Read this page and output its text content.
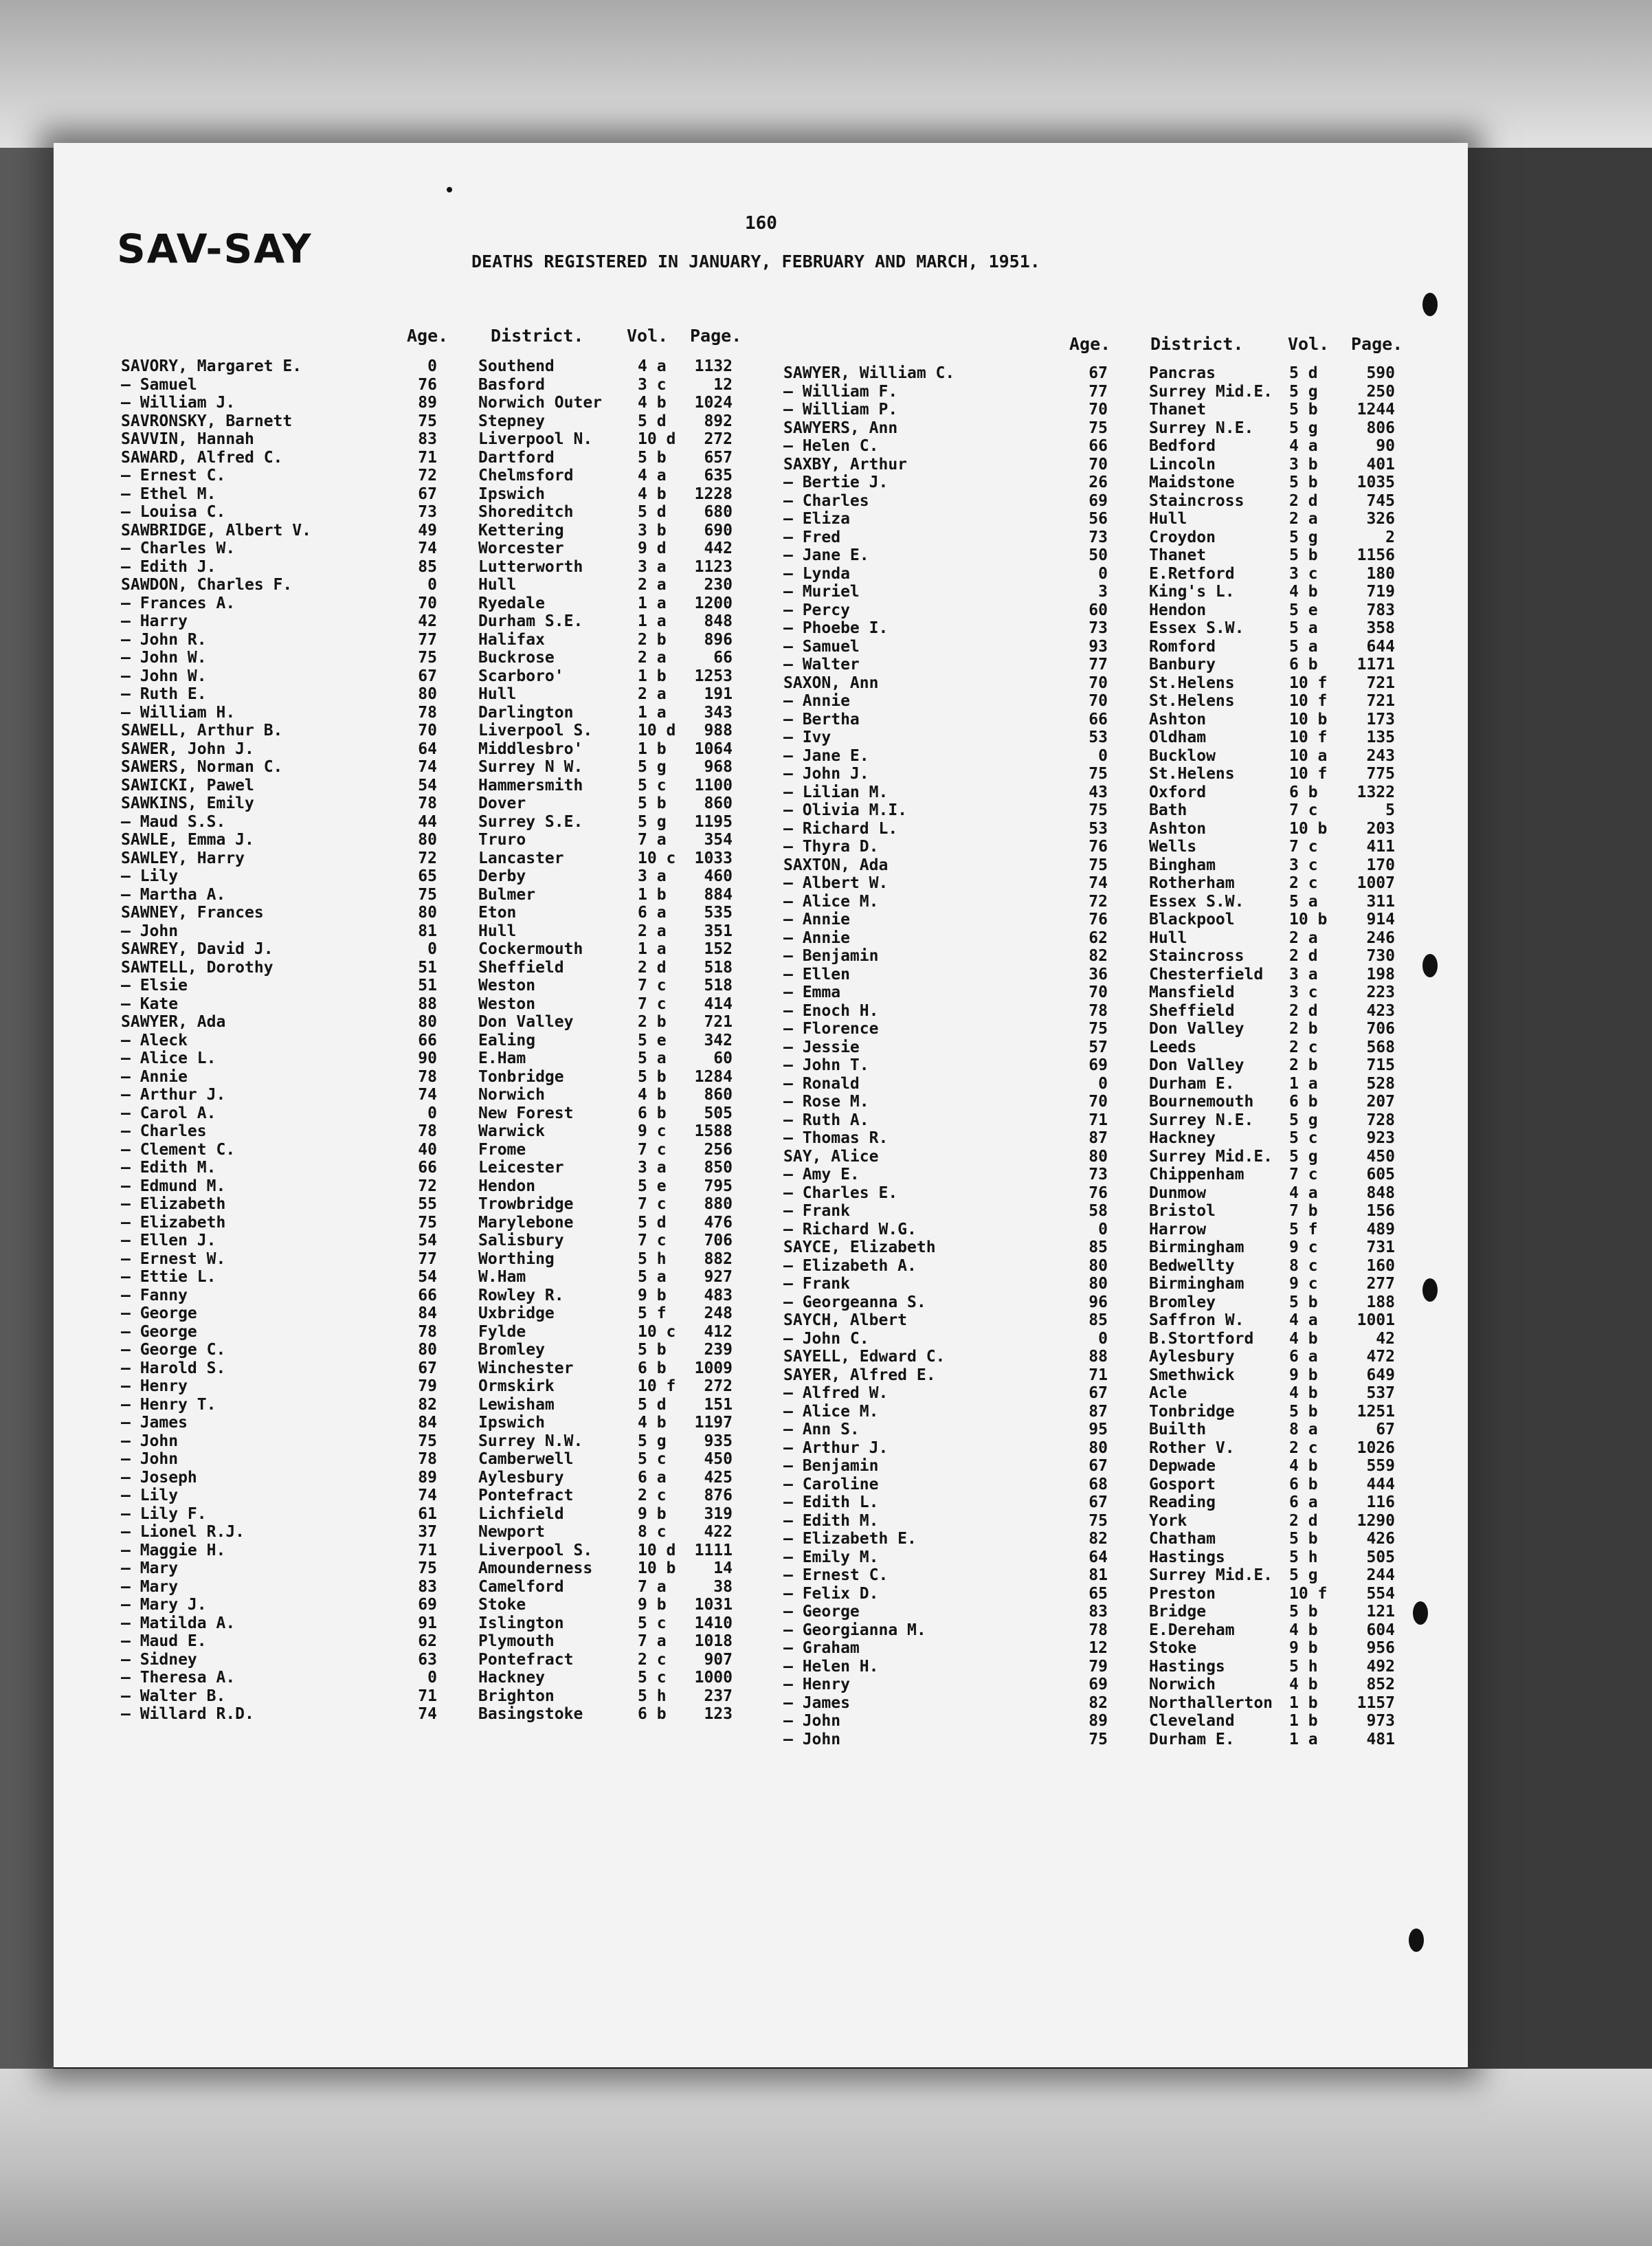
SAV-SAY
160
DEATHS REGISTERED IN JANUARY, FEBRUARY AND MARCH, 1951.
Age. District.	Vol. Page.	Age. District.	Vol. Page.
SAVORY, Margaret E.	0	Southend	4 a	1132
— Samuel	76	Basford	3 c	12
— William J.	89	Norwich Outer 4 b	1024
SAVRONSKY, Barnett	75	Stepney	5 d	892
SAVVIN, Hannah	83	Liverpool N.	10 d	272
SAWARD, Alfred C.	71	Dartford	5 b	657
— Ernest C.	72	Chelmsford	4 a	635
— Ethel M.	67	Ipswich	4 b	1228
— Louisa C.	73	Shoreditch	5 d	680
SAWBRIDGE, Albert V.	49	Kettering	3 b	690
— Charles W.	74	Worcester	9 d	442
— Edith J.	85	Lutterworth	3 a	1123
SAWDON, Charles F.	0	Hull	2 a	230
— Frances A.	70	Ryedale	1 a	1200
— Harry	42	Durham S.E.	1 a	848
— John R.	77	Halifax	2 b	896
— John W.	75	Buckrose	2 a	66
— John W.	67	Scarboro'	1 b	1253
— Ruth E.	80	Hull	2 a	191
— William H.	78	Darlington	1 a	343
SAWELL, Arthur B.	70	Liverpool S.	10 d	988
SAWER, John J.	64	Middlesbro'	1 b	1064
SAWERS, Norman C.	74	Surrey N W.	5 g	968
SAWICKI, Pawel	54	Hammersmith	5 c	1100
SAWKINS, Emily	78	Dover	5 b	860
— Maud S.S.	44	Surrey S.E.	5 g	1195
SAWLE, Emma J.	80	Truro	7 a	354
SAWLEY, Harry	72	Lancaster	10 c	1033
— Lily	65	Derby	3 a	460
— Martha A.	75	Bulmer	1 b	884
SAWNEY, Frances	80	Eton	6 a	535
— John	81	Hull	2 a	351
SAWREY, David J.	0	Cockermouth	1 a	152
SAWTELL, Dorothy	51	Sheffield	2 d	518
— Elsie	51	Weston	7 c	518
— Kate	88	Weston	7 c	414
SAWYER, Ada	80	Don Valley	2 b	721
— Aleck	66	Ealing	5 e	342
— Alice L.	90	E.Ham	5 a	60
— Annie	78	Tonbridge	5 b	1284
— Arthur J.	74	Norwich	4 b	860
— Carol A.	0	New Forest	6 b	505
— Charles	78	Warwick	9 c	1588
— Clement C.	40	Frome	7 c	256
— Edith M.	66	Leicester	3 a	850
— Edmund M.	72	Hendon	5 e	795
— Elizabeth	55	Trowbridge	7 c	880
— Elizabeth	75	Marylebone	5 d	476
— Ellen J.	54	Salisbury	7 c	706
— Ernest W.	77	Worthing	5 h	882
— Ettie L.	54	W.Ham	5 a	927
— Fanny	66	Rowley R.	9 b	483
— George	84	Uxbridge	5 f	248
— George	78	Fylde	10 c	412
— George C.	80	Bromley	5 b	239
— Harold S.	67	Winchester	6 b	1009
— Henry	79	Ormskirk	10 f	272
— Henry T.	82	Lewisham	5 d	151
— James	84	Ipswich	4 b	1197
— John	75	Surrey N.W.	5 g	935
— John	78	Camberwell	5 c	450
— Joseph	89	Aylesbury	6 a	425
— Lily	74	Pontefract	2 c	876
— Lily F.	61	Lichfield	9 b	319
— Lionel R.J.	37	Newport	8 c	422
— Maggie H.	71	Liverpool S.	10 d	1111
— Mary	75	Amounderness	10 b	14
— Mary	83	Camelford	7 a	38
— Mary J.	69	Stoke	9 b	1031
— Matilda A.	91	Islington	5 c	1410
— Maud E.	62	Plymouth	7 a	1018
— Sidney	63	Pontefract	2 c	907
— Theresa A.	0	Hackney	5 c	1000
— Walter B.	71	Brighton	5 h	237
— Willard R.D.	74	Basingstoke	6 b	123
SAWYER, William C.	67	Pancras	5 d	590
— William F.	77	Surrey Mid.E. 5 g	250
— William P.	70	Thanet	5 b	1244
SAWYERS, Ann	75	Surrey N.E. 5 g	806
— Helen C.	66	Bedford	4 a	90
SAXBY, Arthur	70	Lincoln	3 b	401
— Bertie J.	26	Maidstone	5 b	1035
— Charles	69	Staincross	2 d	745
— Eliza	56	Hull	2 a	326
— Fred	73	Croydon	5 g	2
— Jane E.	50	Thanet	5 b	1156
— Lynda	0	E.Retford	3 c	180
— Muriel	3	King's L.	4 b	719
— Percy	60	Hendon	5 e	783
— Phoebe I.	73	Essex S.W.	5 a	358
— Samuel	93	Romford	5 a	644
— Walter	77	Banbury	6 b	1171
SAXON, Ann	70	St.Helens	10 f	721
— Annie	70	St.Helens	10 f	721
— Bertha	66	Ashton	10 b	173
— Ivy	53	Oldham	10 f	135
— Jane E.	0	Bucklow	10 a	243
— John J.	75	St.Helens	10 f	775
— Lilian M.	43	Oxford	6 b	1322
— Olivia M.I.	75	Bath	7 c	5
— Richard L.	53	Ashton	10 b	203
— Thyra D.	76	Wells	7 c	411
SAXTON, Ada	75	Bingham	3 c	170
— Albert W.	74	Rotherham	2 c	1007
— Alice M.	72	Essex S.W.	5 a	311
— Annie	76	Blackpool	10 b	914
— Annie	62	Hull	2 a	246
— Benjamin	82	Staincross	2 d	730
— Ellen	36	Chesterfield 3 a	198
— Emma	70	Mansfield	3 c	223
— Enoch H.	78	Sheffield	2 d	423
— Florence	75	Don Valley	2 b	706
— Jessie	57	Leeds	2 c	568
— John T.	69	Don Valley	2 b	715
— Ronald	0	Durham E.	1 a	528
— Rose M.	70	Bournemouth 6 b	207
— Ruth A.	71	Surrey N.E. 5 g	728
— Thomas R.	87	Hackney	5 c	923
SAY, Alice	80	Surrey Mid.E. 5 g	450
— Amy E.	73	Chippenham	7 c	605
— Charles E.	76	Dunmow	4 a	848
— Frank	58	Bristol	7 b	156
— Richard W.G.	0	Harrow	5 f	489
SAYCE, Elizabeth	85	Birmingham	9 c	731
— Elizabeth A.	80	Bedwellty	8 c	160
— Frank	80	Birmingham	9 c	277
— Georgeanna S.	96	Bromley	5 b	188
SAYCH, Albert	85	Saffron W.	4 a	1001
— John C.	0	B.Stortford 4 b	42
SAYELL, Edward C.	88	Aylesbury	6 a	472
SAYER, Alfred E.	71	Smethwick	9 b	649
— Alfred W.	67	Acle	4 b	537
— Alice M.	87	Tonbridge	5 b	1251
— Ann S.	95	Builth	8 a	67
— Arthur J.	80	Rother V.	2 c	1026
— Benjamin	67	Depwade	4 b	559
— Caroline	68	Gosport	6 b	444
— Edith L.	67	Reading	6 a	116
— Edith M.	75	York	2 d	1290
— Elizabeth E.	82	Chatham	5 b	426
— Emily M.	64	Hastings	5 h	505
— Ernest C.	81	Surrey Mid.E. 5 g	244
— Felix D.	65	Preston	10 f	554
— George	83	Bridge	5 b	121
— Georgianna M.	78	E.Dereham	4 b	604
— Graham	12	Stoke	9 b	956
— Helen H.	79	Hastings	5 h	492
— Henry	69	Norwich	4 b	852
— James	82	Northallerton 1 b	1157
— John	89	Cleveland	1 b	973
— John	75	Durham E.	1 a	481
